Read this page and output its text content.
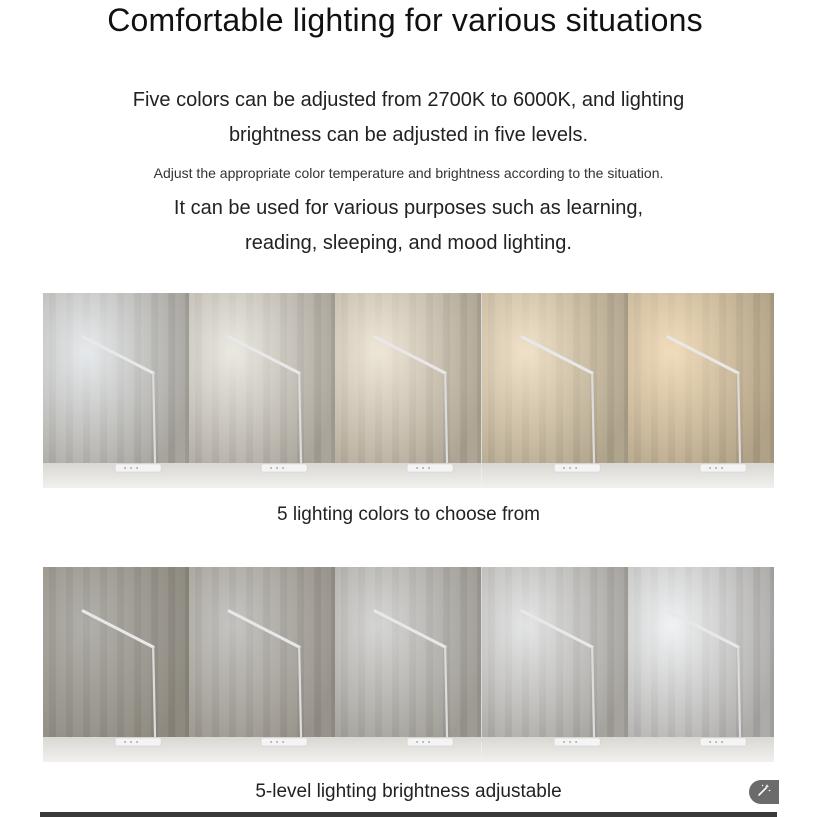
Comfortable lighting for various situations
Five colors can be adjusted from 2700K to 6000K, and lighting
brightness can be adjusted in five levels.
Adjust the appropriate color temperature and brightness according to the situation.
It can be used for various purposes such as learning,
reading, sleeping, and mood lighting.
5 lighting colors to choose from
5-level lighting brightness adjustable
